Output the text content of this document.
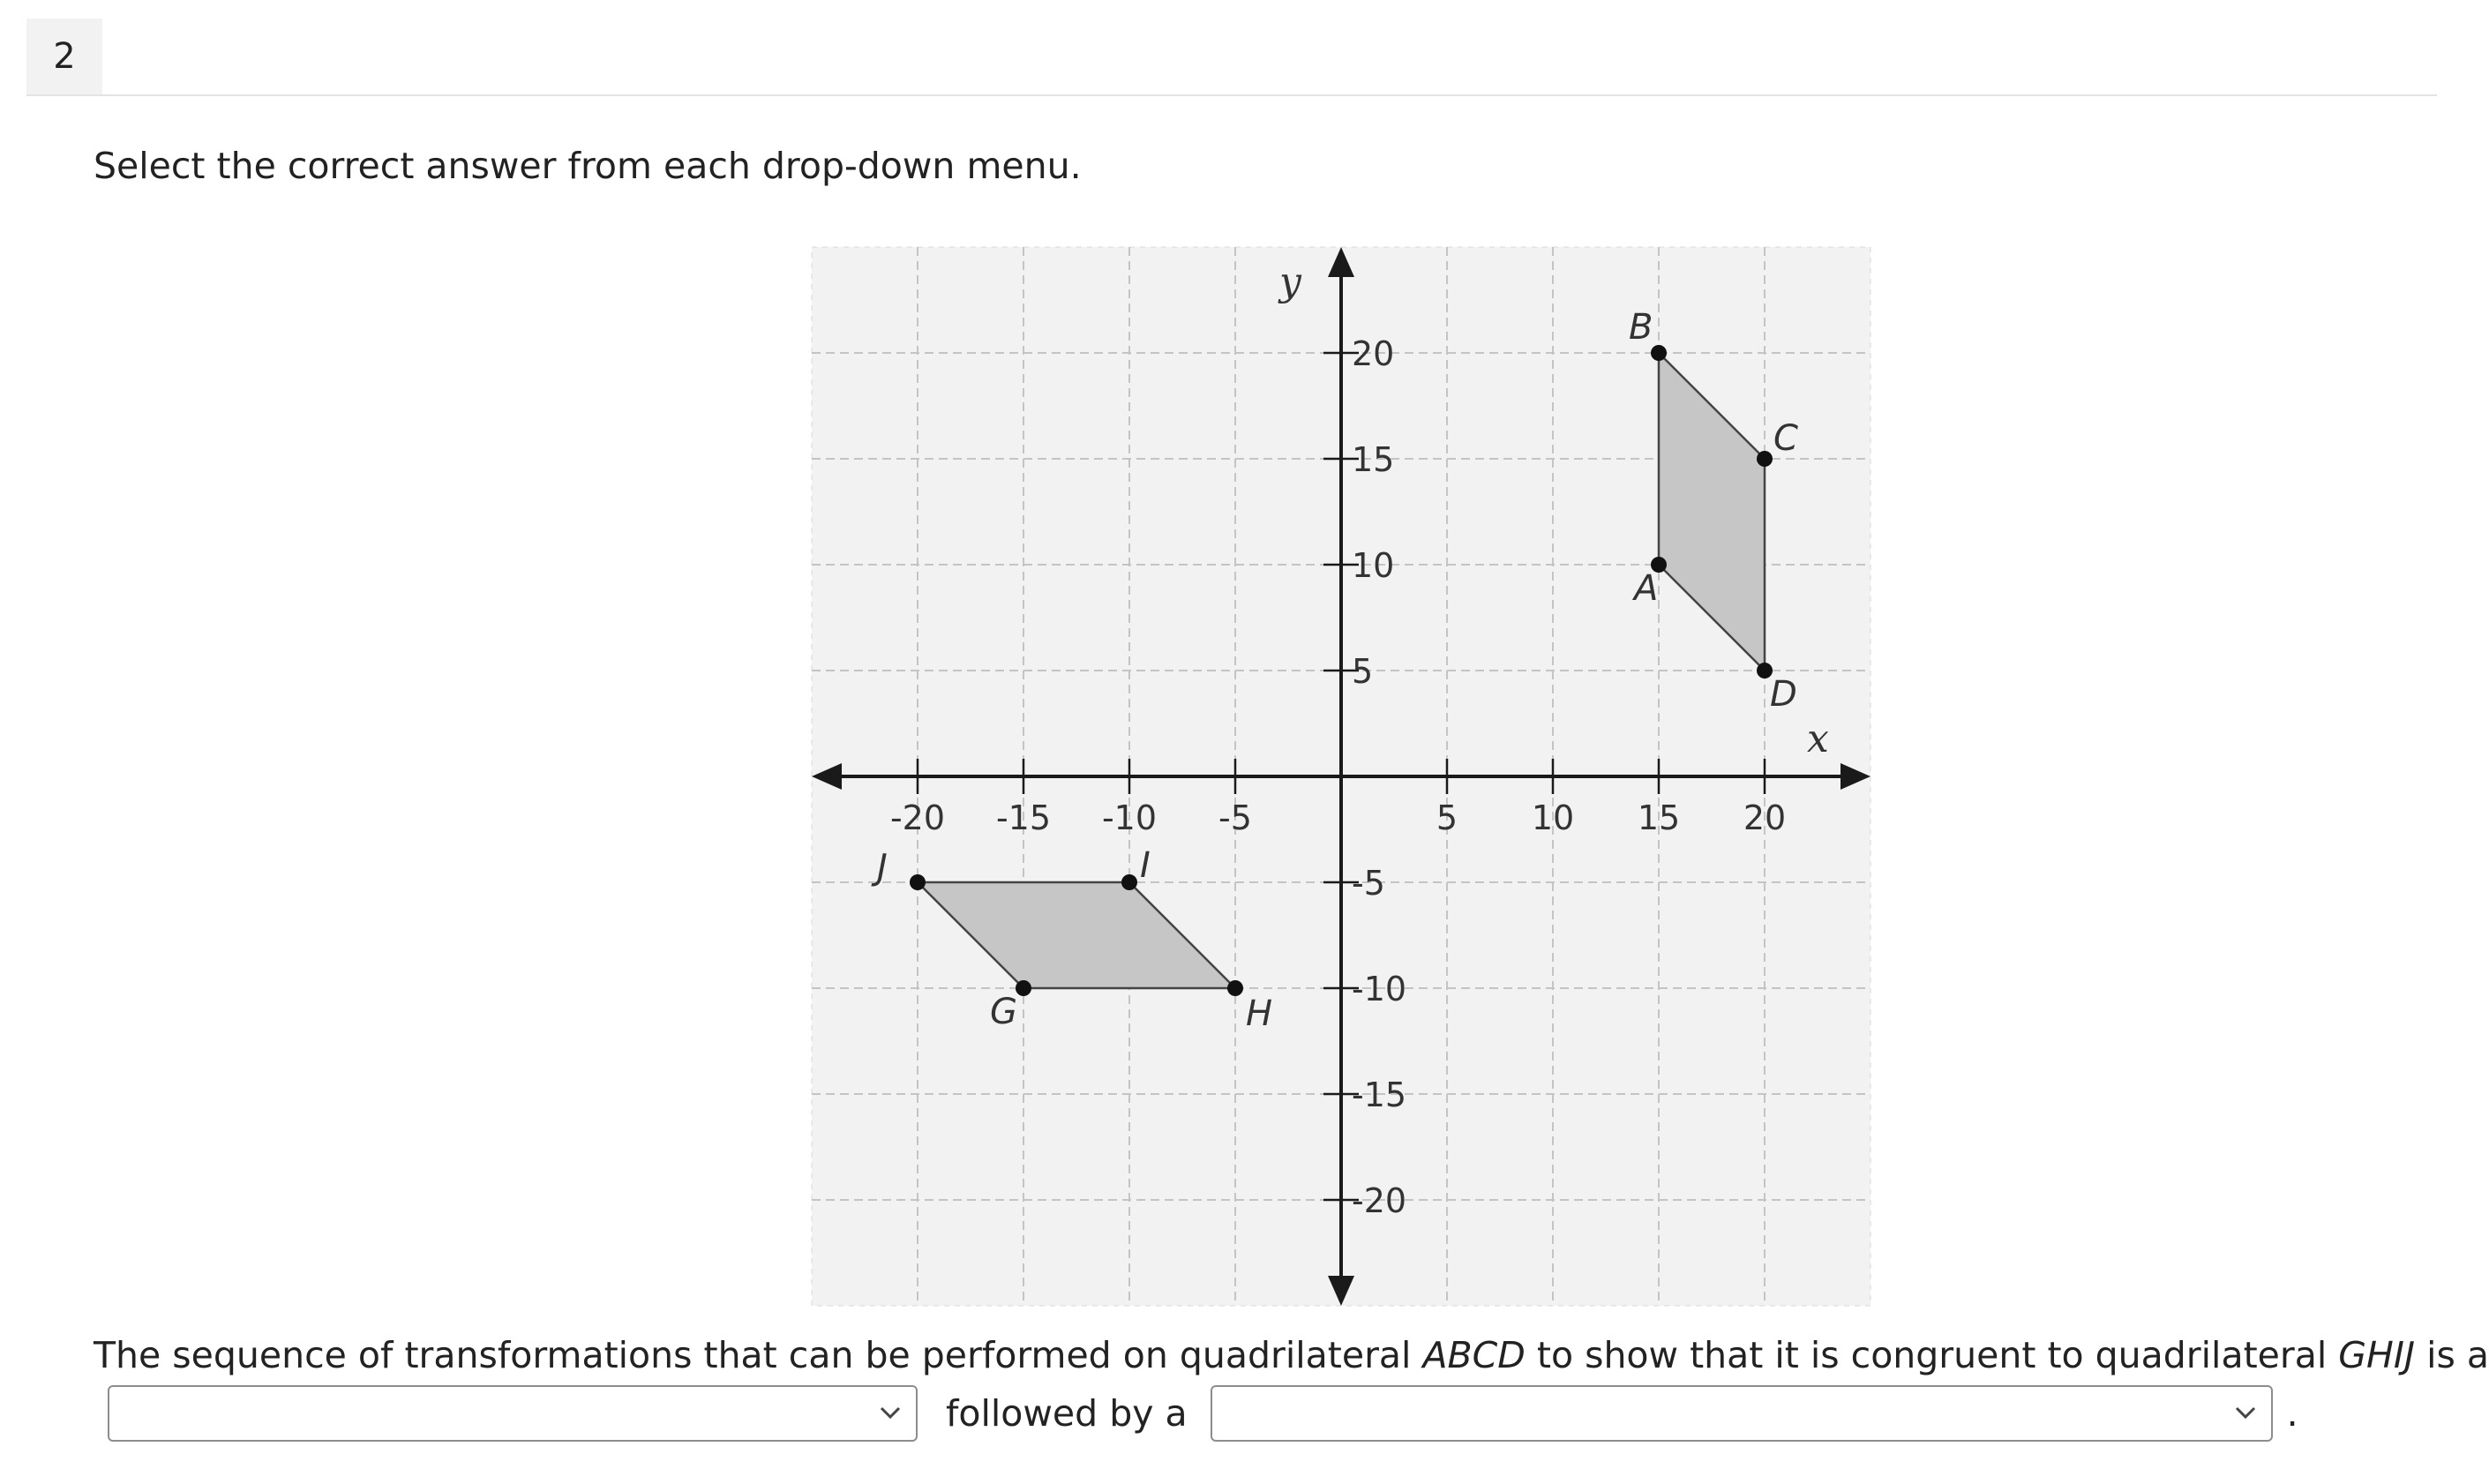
2
Select the correct answer from each drop-down menu.
-20 -15 -10 -5	5 10 15 20
20
15
10
5
-5
-10
-15
-20
x
y
A
B
C
D
G	H
I
J
The sequence of transformations that can be performed on quadrilateral ABCD to show that it is congruent to quadrilateral GHIJ is a
followed by a	.
